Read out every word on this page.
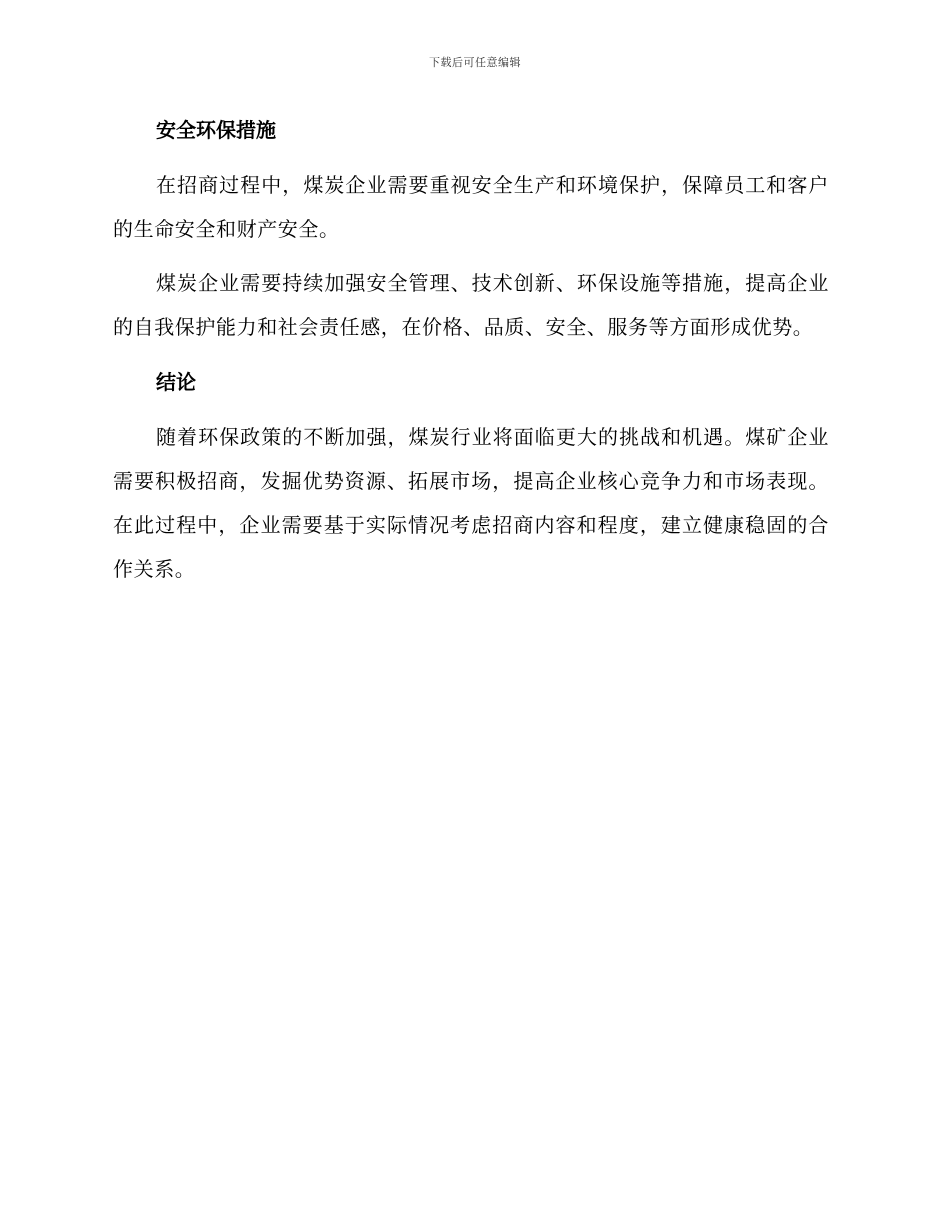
下载后可任意编辑
安全环保措施

在招商过程中，煤炭企业需要重视安全生产和环境保护，保障员工和客户的生命安全和财产安全。

煤炭企业需要持续加强安全管理、技术创新、环保设施等措施，提高企业的自我保护能力和社会责任感，在价格、品质、安全、服务等方面形成优势。

结论

随着环保政策的不断加强，煤炭行业将面临更大的挑战和机遇。煤矿企业需要积极招商，发掘优势资源、拓展市场，提高企业核心竞争力和市场表现。在此过程中，企业需要基于实际情况考虑招商内容和程度，建立健康稳固的合作关系。
